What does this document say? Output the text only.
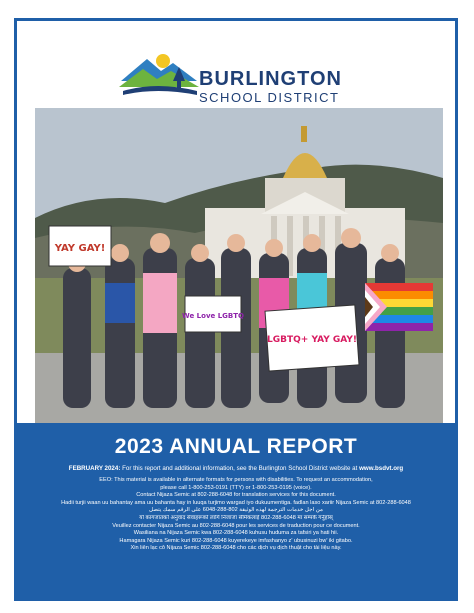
BURLINGTON
SCHOOL DISTRICT
YAY GAY!
We Love LGBTQ
LGBTQ+ YAY GAY!
2023 ANNUAL REPORT
FEBRUARY 2024: For this report and additional information, see the Burlington School District website at www.bsdvt.org
EEO: This material is available in alternate formats for persons with disabilities. To request an accommodation,
please call 1-800-253-0191 (TTY) or 1-800-253-0195 (voice).
Contact Nijaza Semic at 802-288-6048 for translation services for this document.
Hadii turjii waan uu bahantay ama uu bahanta hay in luuqa turjimo wargad iyo dukuumentiga. fadlan laso xariir Nijaza Semic at 802-288-6048
من اجل خدمات الترجمة لهذه الوثيقة 802-288-6048 على الرقم سمك يتصل
यो कागजातको अनुवाद सेवाहरूको लागि निजाजा सेमिकलाई 802-288-6048 मा सम्पर्क गर्नुहोस्
Veuillez contacter Nijaza Semic au 802-288-6048 pour les services de traduction pour ce document.
Wasiliana na Nijaza Semic kwa 802-288-6048 kuhusu huduma za tafsiri ya hati hii.
Hamagara Nijaza Semic kuri 802-288-6048 kuyerekeye imfashanyo z' ubusinuzi bw' iki gitabo.
Xin liên lạc cô Nijaza Semic 802-288-6048 cho các dịch vụ dịch thuật cho tài liệu này.
